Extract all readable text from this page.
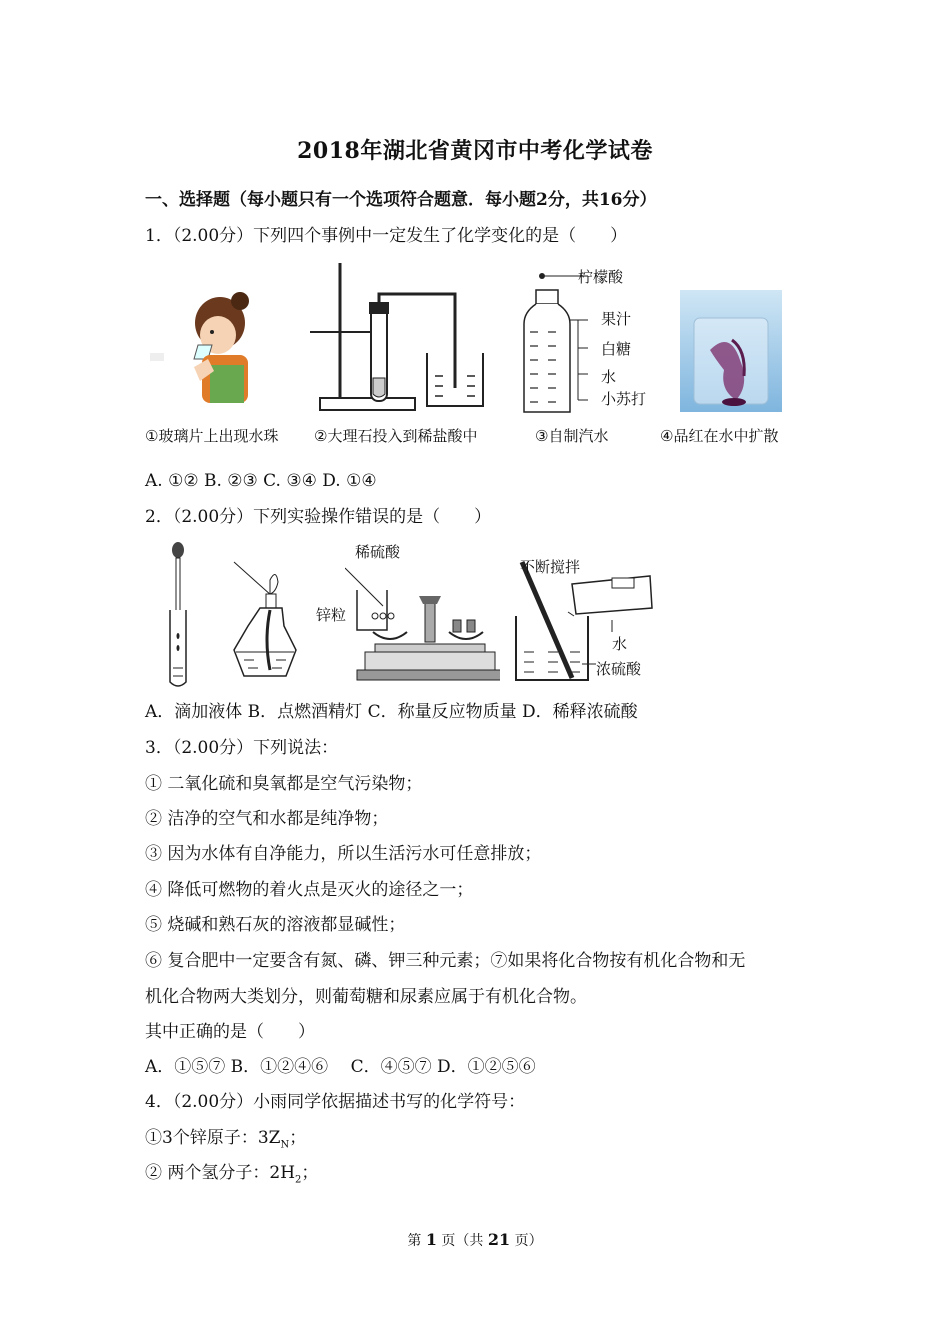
2018年湖北省黄冈市中考化学试卷
一、选择题（每小题只有一个选项符合题意．每小题2分，共16分）
1．（2.00分）下列四个事例中一定发生了化学变化的是（　　）
柠檬酸
果汁
白糖
水
小苏打
①玻璃片上出现水珠 ②大理石投入到稀盐酸中	③自制汽水	④品红在水中扩散
A. ①② B. ②③ C. ③④ D. ①④
2．（2.00分）下列实验操作错误的是（　　）
稀硫酸
锌粒
不断搅拌
水
浓硫酸
A．滴加液体 B．点燃酒精灯 C．称量反应物质量 D．稀释浓硫酸
3．（2.00分）下列说法：
① 二氧化硫和臭氧都是空气污染物；
② 洁净的空气和水都是纯净物；
③ 因为水体有自净能力，所以生活污水可任意排放；
④ 降低可燃物的着火点是灭火的途径之一；
⑤ 烧碱和熟石灰的溶液都显碱性；
⑥ 复合肥中一定要含有氮、磷、钾三种元素；⑦如果将化合物按有机化合物和无
机化合物两大类划分，则葡萄糖和尿素应属于有机化合物。
其中正确的是（　　）
A．①⑤⑦ B．①②④⑥　 C．④⑤⑦ D．①②⑤⑥
4．（2.00分）小雨同学依据描述书写的化学符号：
①3个锌原子：$3Z_N$；
② 两个氢分子：$2H_2$；
第 1 页（共 21 页）
